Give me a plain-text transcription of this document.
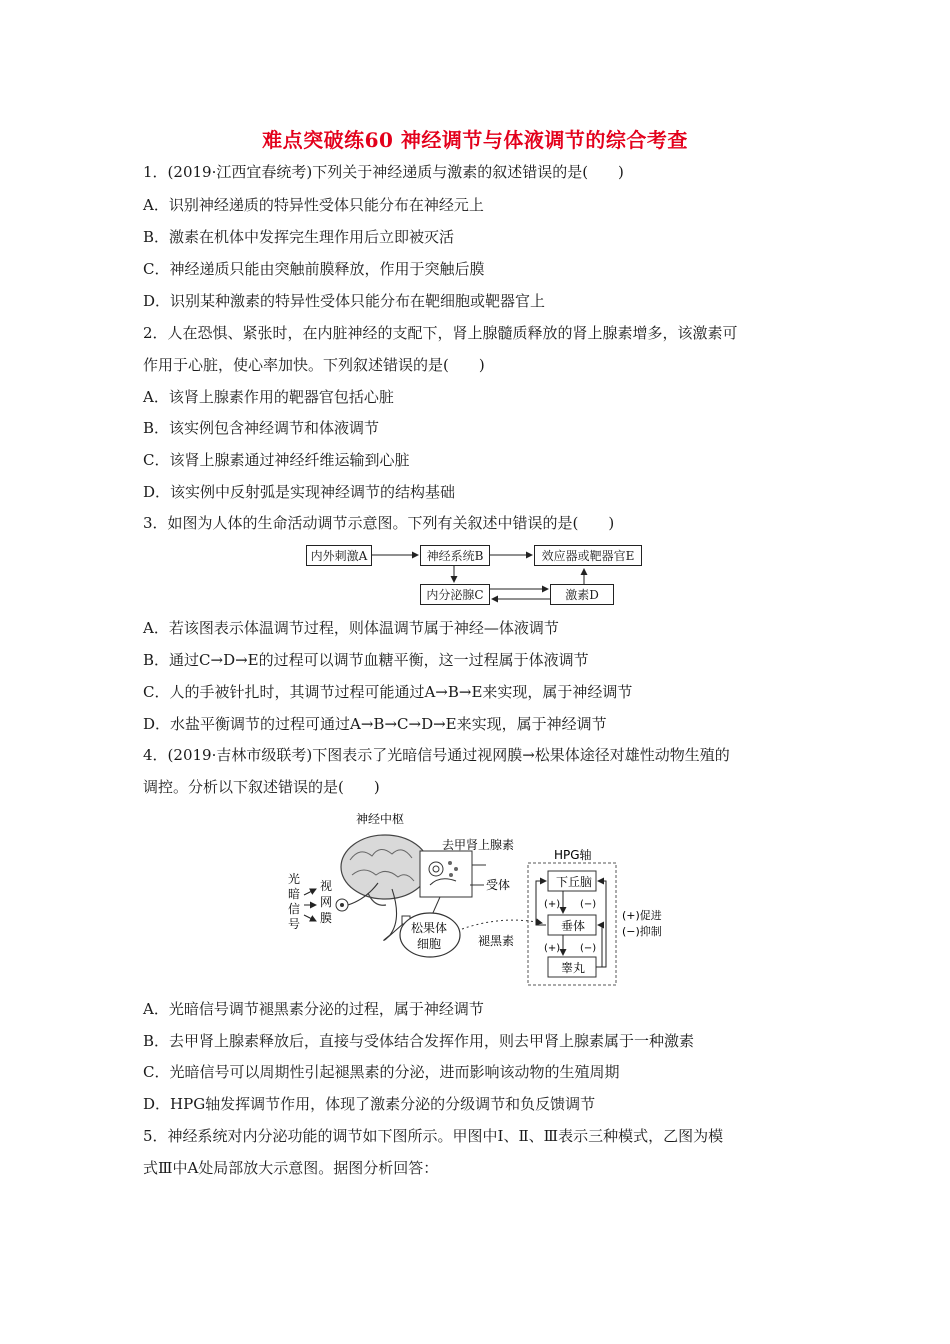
难点突破练60 神经调节与体液调节的综合考查
1．(2019·江西宜春统考)下列关于神经递质与激素的叙述错误的是(　　)
A．识别神经递质的特异性受体只能分布在神经元上
B．激素在机体中发挥完生理作用后立即被灭活
C．神经递质只能由突触前膜释放，作用于突触后膜
D．识别某种激素的特异性受体只能分布在靶细胞或靶器官上
2．人在恐惧、紧张时，在内脏神经的支配下，肾上腺髓质释放的肾上腺素增多，该激素可
作用于心脏，使心率加快。下列叙述错误的是(　　)
A．该肾上腺素作用的靶器官包括心脏
B．该实例包含神经调节和体液调节
C．该肾上腺素通过神经纤维运输到心脏
D．该实例中反射弧是实现神经调节的结构基础
3．如图为人体的生命活动调节示意图。下列有关叙述中错误的是(　　)
内外刺激A	神经系统B	效应器或靶器官E
内分泌腺C	激素D
A．若该图表示体温调节过程，则体温调节属于神经—体液调节
B．通过C→D→E的过程可以调节血糖平衡，这一过程属于体液调节
C．人的手被针扎时，其调节过程可能通过A→B→E来实现，属于神经调节
D．水盐平衡调节的过程可通过A→B→C→D→E来实现，属于神经调节
4．(2019·吉林市级联考)下图表示了光暗信号通过视网膜→松果体途径对雄性动物生殖的
调控。分析以下叙述错误的是(　　)
神经中枢
光
暗
信
号
视
网
膜
去甲肾上腺素
受体
松果体
细胞	褪黑素
HPG轴
下丘脑
垂体
睾丸
(+) (−)
(+) (−)
(+)促进
(−)抑制
A．光暗信号调节褪黑素分泌的过程，属于神经调节
B．去甲肾上腺素释放后，直接与受体结合发挥作用，则去甲肾上腺素属于一种激素
C．光暗信号可以周期性引起褪黑素的分泌，进而影响该动物的生殖周期
D．HPG轴发挥调节作用，体现了激素分泌的分级调节和负反馈调节
5．神经系统对内分泌功能的调节如下图所示。甲图中Ⅰ、Ⅱ、Ⅲ表示三种模式，乙图为模
式Ⅲ中A处局部放大示意图。据图分析回答：
